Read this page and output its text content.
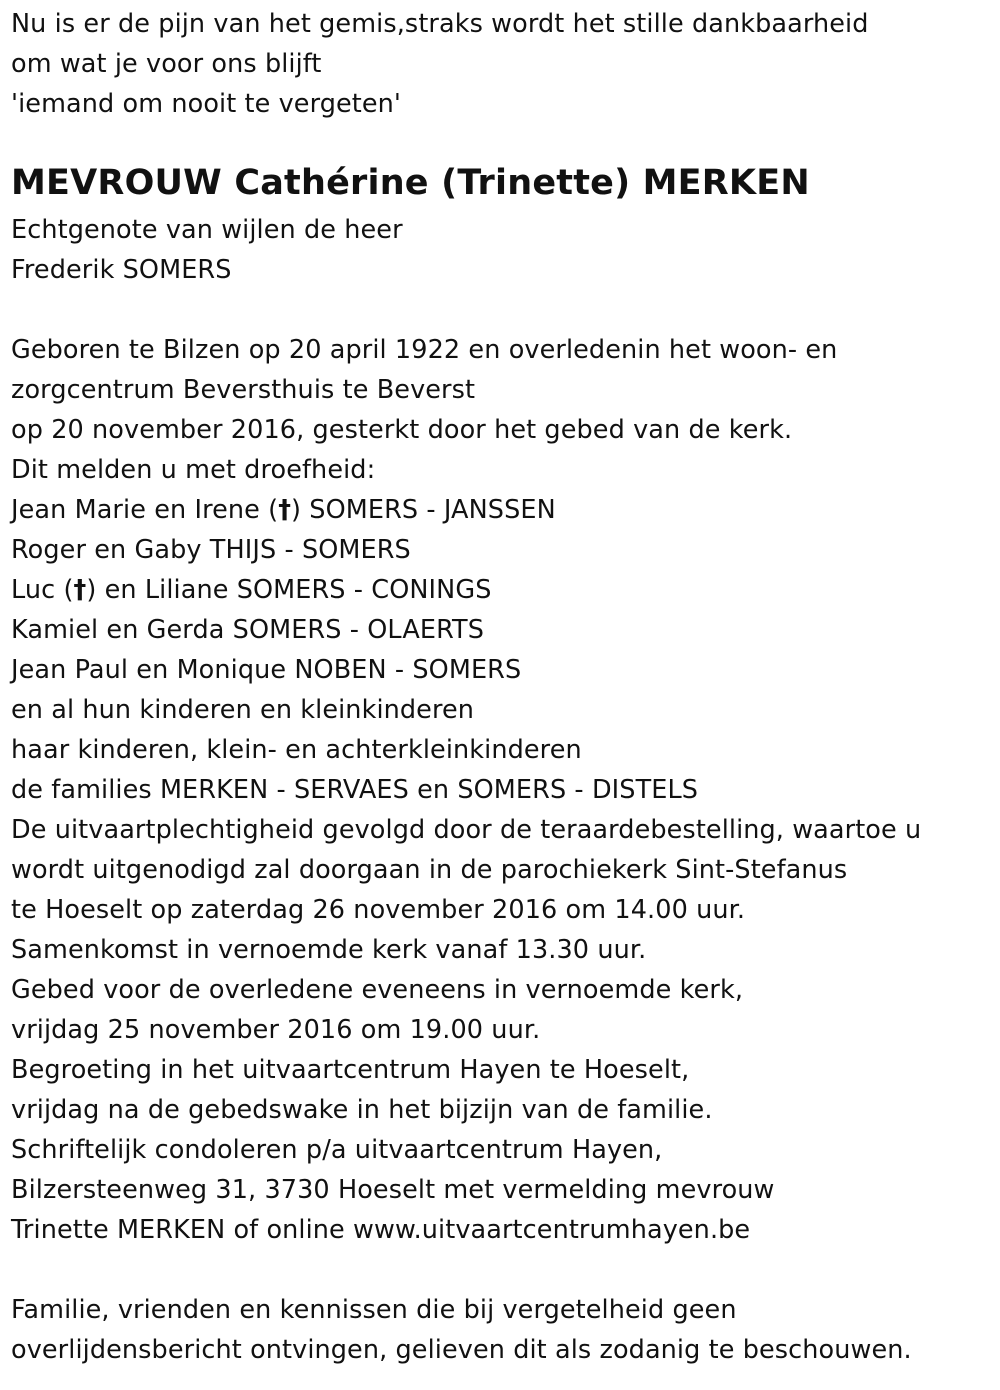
Nu is er de pijn van het gemis,straks wordt het stille dankbaarheid
om wat je voor ons blijft
'iemand om nooit te vergeten'
MEVROUW Cathérine (Trinette) MERKEN
Echtgenote van wijlen de heer
Frederik SOMERS
Geboren te Bilzen op 20 april 1922 en overledenin het woon- en
zorgcentrum Beversthuis te Beverst
op 20 november 2016, gesterkt door het gebed van de kerk.
Dit melden u met droefheid:
Jean Marie en Irene (†) SOMERS - JANSSEN
Roger en Gaby THIJS - SOMERS
Luc (†) en Liliane SOMERS - CONINGS
Kamiel en Gerda SOMERS - OLAERTS
Jean Paul en Monique NOBEN - SOMERS
en al hun kinderen en kleinkinderen
haar kinderen, klein- en achterkleinkinderen
de families MERKEN - SERVAES en SOMERS - DISTELS
De uitvaartplechtigheid gevolgd door de teraardebestelling, waartoe u
wordt uitgenodigd zal doorgaan in de parochiekerk Sint-Stefanus
te Hoeselt op zaterdag 26 november 2016 om 14.00 uur.
Samenkomst in vernoemde kerk vanaf 13.30 uur.
Gebed voor de overledene eveneens in vernoemde kerk,
vrijdag 25 november 2016 om 19.00 uur.
Begroeting in het uitvaartcentrum Hayen te Hoeselt,
vrijdag na de gebedswake in het bijzijn van de familie.
Schriftelijk condoleren p/a uitvaartcentrum Hayen,
Bilzersteenweg 31, 3730 Hoeselt met vermelding mevrouw
Trinette MERKEN of online www.uitvaartcentrumhayen.be
Familie, vrienden en kennissen die bij vergetelheid geen
overlijdensbericht ontvingen, gelieven dit als zodanig te beschouwen.
